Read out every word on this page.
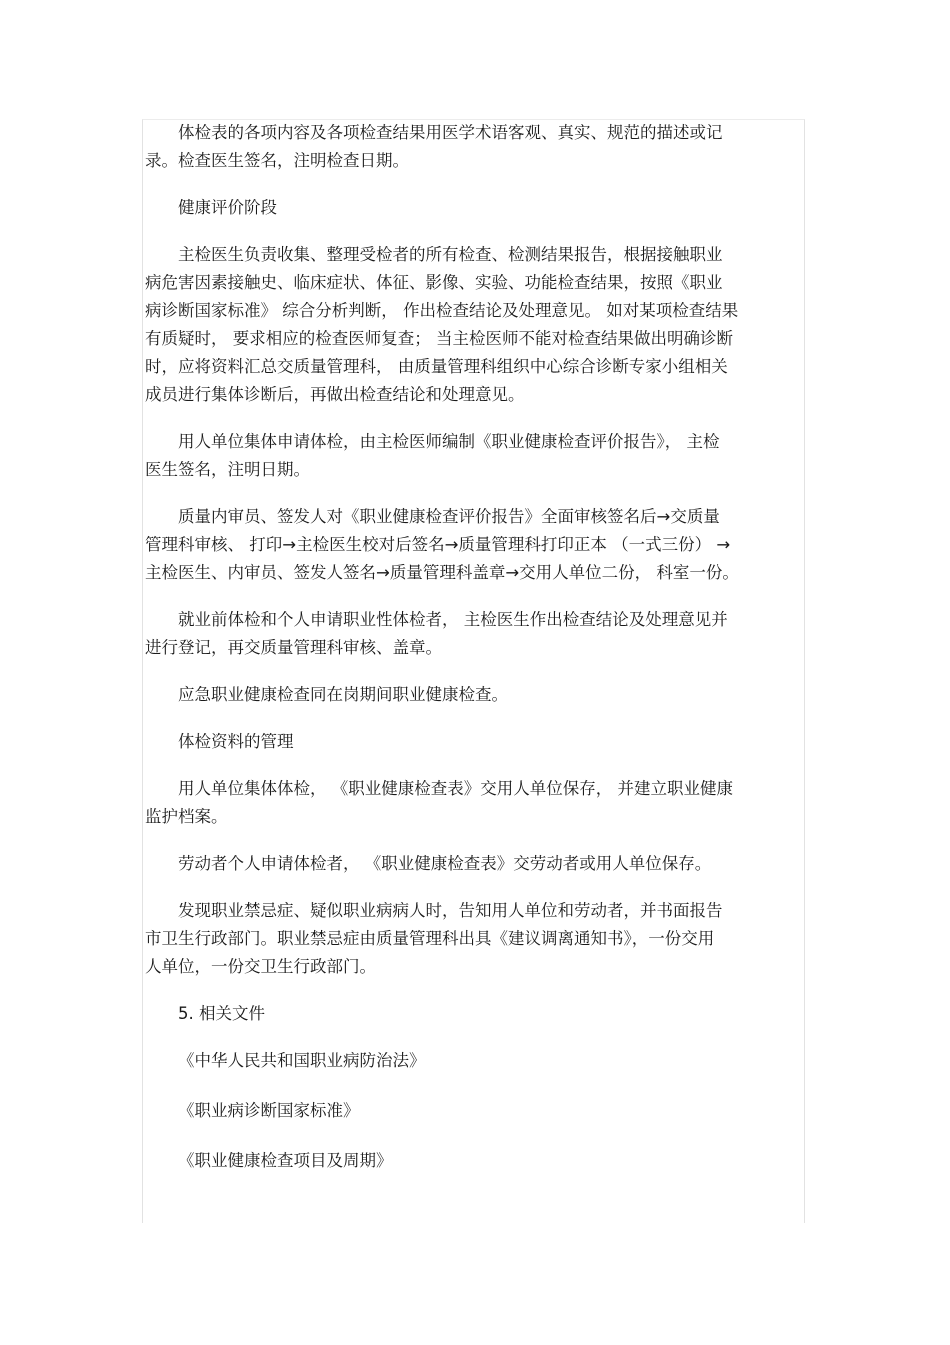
体检表的各项内容及各项检查结果用医学术语客观、真实、规范的描述或记
录。检查医生签名，注明检查日期。

健康评价阶段

主检医生负责收集、整理受检者的所有检查、检测结果报告，根据接触职业
病危害因素接触史、临床症状、体征、影像、实验、功能检查结果，按照《职业
病诊断国家标准》 综合分析判断， 作出检查结论及处理意见。 如对某项检查结果
有质疑时， 要求相应的检查医师复查； 当主检医师不能对检查结果做出明确诊断
时，应将资料汇总交质量管理科， 由质量管理科组织中心综合诊断专家小组相关
成员进行集体诊断后，再做出检查结论和处理意见。

用人单位集体申请体检，由主检医师编制《职业健康检查评价报告》， 主检
医生签名，注明日期。

质量内审员、签发人对《职业健康检查评价报告》全面审核签名后→交质量
管理科审核、 打印→主检医生校对后签名→质量管理科打印正本 （一式三份） →
主检医生、内审员、签发人签名→质量管理科盖章→交用人单位二份， 科室一份。

就业前体检和个人申请职业性体检者， 主检医生作出检查结论及处理意见并
进行登记，再交质量管理科审核、盖章。

应急职业健康检查同在岗期间职业健康检查。

体检资料的管理

用人单位集体体检， 《职业健康检查表》交用人单位保存， 并建立职业健康
监护档案。

劳动者个人申请体检者， 《职业健康检查表》交劳动者或用人单位保存。

发现职业禁忌症、疑似职业病病人时，告知用人单位和劳动者，并书面报告
市卫生行政部门。职业禁忌症由质量管理科出具《建议调离通知书》，一份交用
人单位，一份交卫生行政部门。

5. 相关文件

《中华人民共和国职业病防治法》

《职业病诊断国家标准》

《职业健康检查项目及周期》
